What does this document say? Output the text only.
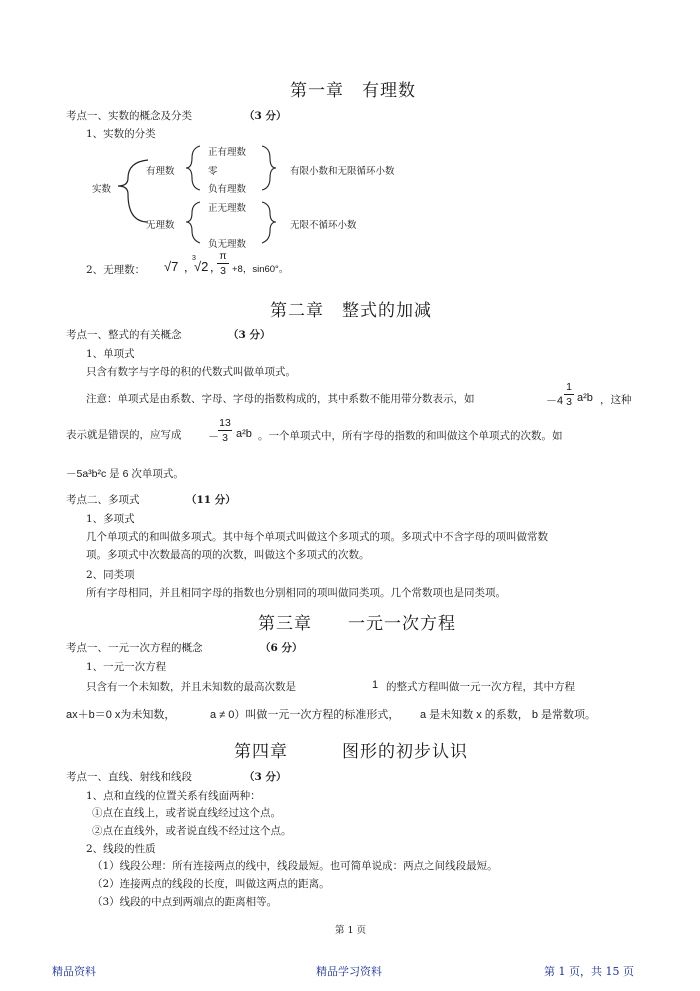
第一章　有理数
考点一、实数的概念及分类	（3 分）
1、实数的分类
实数
有理数
正有理数
零
负有理数
有限小数和无限循环小数
无理数
正无理数
负无理数
无限不循环小数
2、无理数： √7 ，
3
√2 ，
π
3 +8，sin60°。
第二章　整式的加减
考点一、整式的有关概念	（3 分）
1、单项式
只含有数字与字母的积的代数式叫做单项式。
注意：单项式是由系数、字母、字母的指数构成的，其中系数不能用带分数表示，如	－4
1
3 a²b ，这种
表示就是错误的，应写成 －
13
3 a²b 。一个单项式中，所有字母的指数的和叫做这个单项式的次数。如
－5a³b²c 是 6 次单项式。
考点二、多项式	（11 分）
1、多项式
几个单项式的和叫做多项式。其中每个单项式叫做这个多项式的项。多项式中不含字母的项叫做常数
项。多项式中次数最高的项的次数，叫做这个多项式的次数。
2、同类项
所有字母相同，并且相同字母的指数也分别相同的项叫做同类项。几个常数项也是同类项。
第三章　　一元一次方程
考点一、一元一次方程的概念	（6 分）
1、一元一次方程
只含有一个未知数，并且未知数的最高次数是	1 的整式方程叫做一元一次方程，其中方程
ax＋b＝0 x为未知数，	a ≠ 0）叫做一元一次方程的标准形式， a 是未知数 x 的系数， b 是常数项。
第四章　　　图形的初步认识
考点一、直线、射线和线段	（3 分）
1、点和直线的位置关系有线面两种：
①点在直线上，或者说直线经过这个点。
②点在直线外，或者说直线不经过这个点。
2、线段的性质
（1）线段公理：所有连接两点的线中，线段最短。也可简单说成：两点之间线段最短。
（2）连接两点的线段的长度，叫做这两点的距离。
（3）线段的中点到两端点的距离相等。
第 1 页
精品资料	精品学习资料	第 1 页，共 15 页
